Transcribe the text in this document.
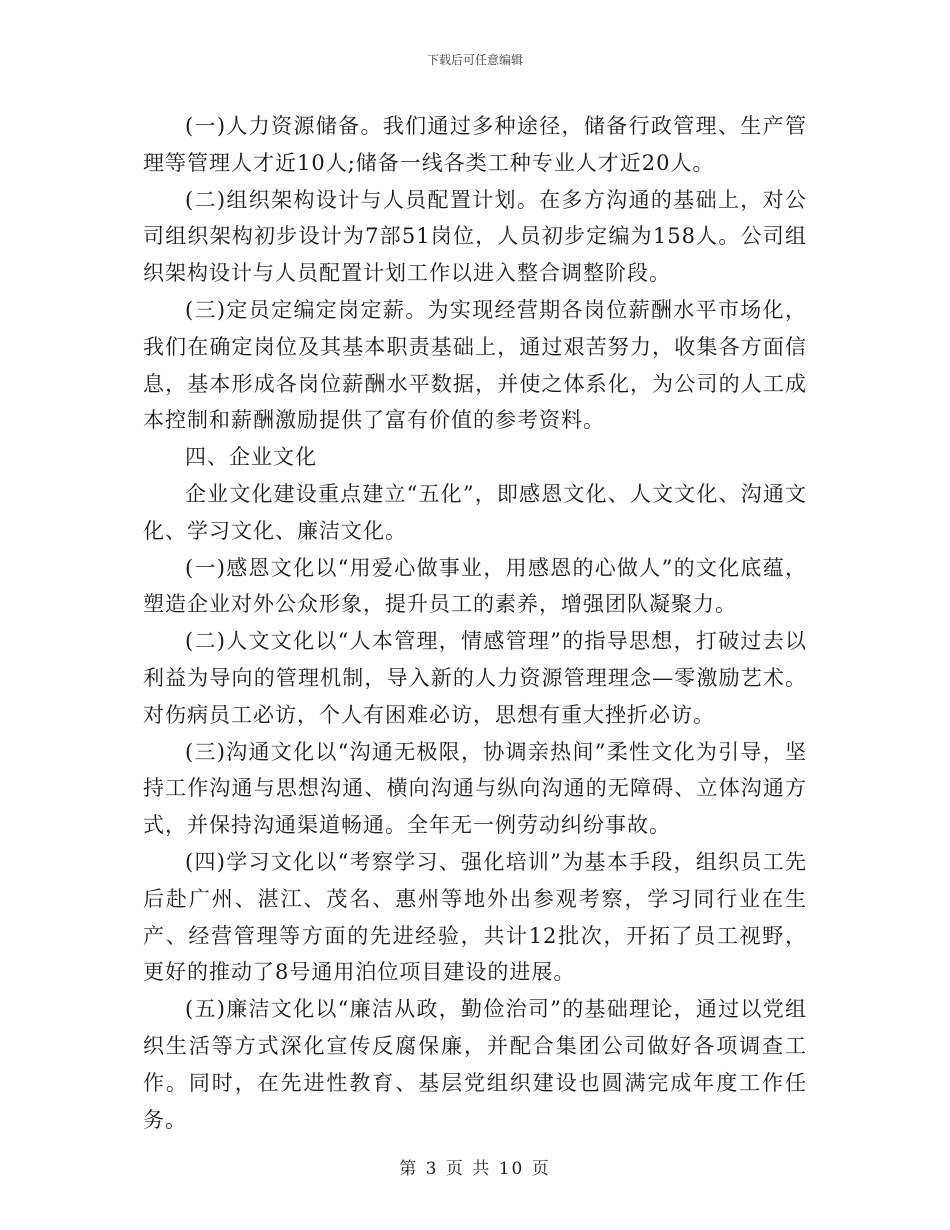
下载后可任意编辑

(一)人力资源储备。我们通过多种途径，储备行政管理、生产管理等管理人才近10人;储备一线各类工种专业人才近20人。

(二)组织架构设计与人员配置计划。在多方沟通的基础上，对公司组织架构初步设计为7部51岗位，人员初步定编为158人。公司组织架构设计与人员配置计划工作以进入整合调整阶段。

(三)定员定编定岗定薪。为实现经营期各岗位薪酬水平市场化，我们在确定岗位及其基本职责基础上，通过艰苦努力，收集各方面信息，基本形成各岗位薪酬水平数据，并使之体系化，为公司的人工成本控制和薪酬激励提供了富有价值的参考资料。

四、企业文化

企业文化建设重点建立“五化”，即感恩文化、人文文化、沟通文化、学习文化、廉洁文化。

(一)感恩文化以“用爱心做事业，用感恩的心做人”的文化底蕴，塑造企业对外公众形象，提升员工的素养，增强团队凝聚力。

(二)人文文化以“人本管理，情感管理”的指导思想，打破过去以利益为导向的管理机制，导入新的人力资源管理理念—零激励艺术。对伤病员工必访，个人有困难必访，思想有重大挫折必访。

(三)沟通文化以“沟通无极限，协调亲热间”柔性文化为引导，坚持工作沟通与思想沟通、横向沟通与纵向沟通的无障碍、立体沟通方式，并保持沟通渠道畅通。全年无一例劳动纠纷事故。

(四)学习文化以“考察学习、强化培训”为基本手段，组织员工先后赴广州、湛江、茂名、惠州等地外出参观考察，学习同行业在生产、经营管理等方面的先进经验，共计12批次，开拓了员工视野，更好的推动了8号通用泊位项目建设的进展。

(五)廉洁文化以“廉洁从政，勤俭治司”的基础理论，通过以党组织生活等方式深化宣传反腐保廉，并配合集团公司做好各项调查工作。同时，在先进性教育、基层党组织建设也圆满完成年度工作任务。

第 3 页 共 10 页
